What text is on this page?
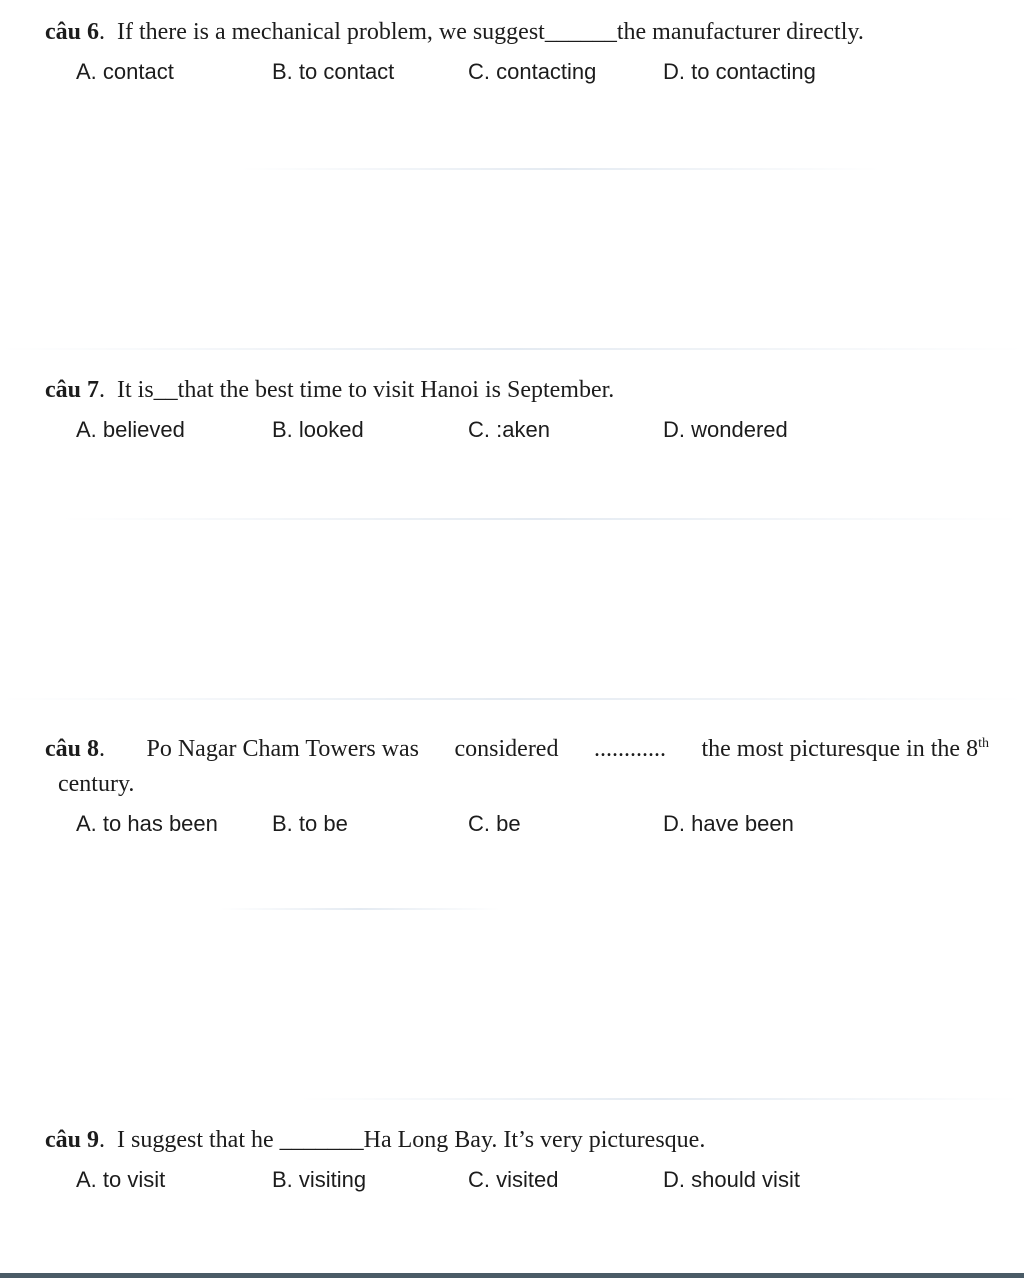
câu 6.  If there is a mechanical problem, we suggest______the manufacturer directly.
A. contact	B. to contact	C. contacting	D. to contacting
câu 7.  It is__that the best time to visit Hanoi is September.
A. believed	B. looked	C. :aken	D. wondered
câu 8. Po Nagar Cham Towers was considered ............ the most picturesque in the 8th
century.
A. to has been B. to be	C. be	D. have been
câu 9.  I suggest that he _______Ha Long Bay. It’s very picturesque.
A. to visit	B. visiting	C. visited	D. should visit
